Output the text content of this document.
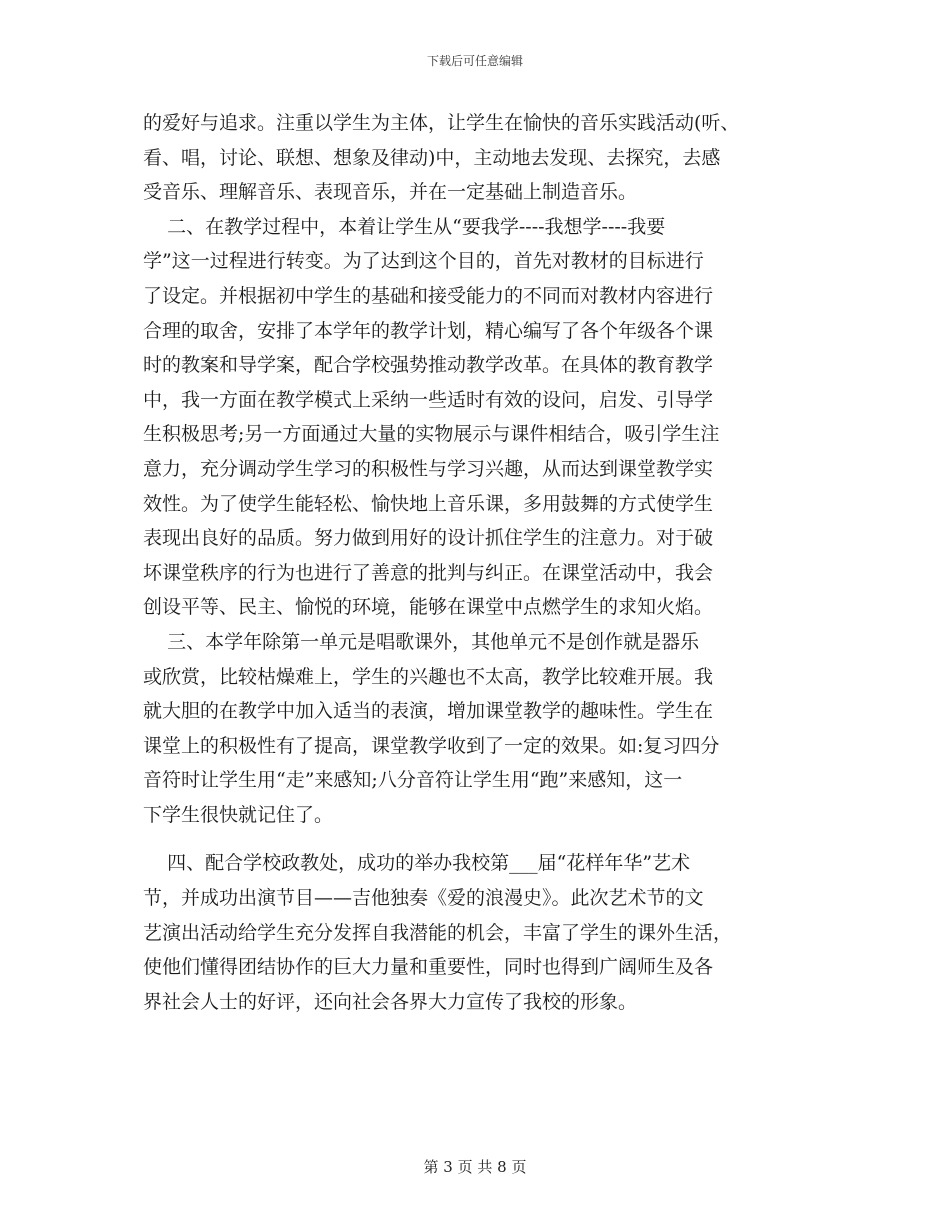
下载后可任意编辑
的爱好与追求。注重以学生为主体，让学生在愉快的音乐实践活动(听、
看、唱，讨论、联想、想象及律动)中，主动地去发现、去探究，去感
受音乐、理解音乐、表现音乐，并在一定基础上制造音乐。
二、在教学过程中，本着让学生从“要我学----我想学----我要
学”这一过程进行转变。为了达到这个目的，首先对教材的目标进行
了设定。并根据初中学生的基础和接受能力的不同而对教材内容进行
合理的取舍，安排了本学年的教学计划，精心编写了各个年级各个课
时的教案和导学案，配合学校强势推动教学改革。在具体的教育教学
中，我一方面在教学模式上采纳一些适时有效的设问，启发、引导学
生积极思考;另一方面通过大量的实物展示与课件相结合，吸引学生注
意力，充分调动学生学习的积极性与学习兴趣，从而达到课堂教学实
效性。为了使学生能轻松、愉快地上音乐课，多用鼓舞的方式使学生
表现出良好的品质。努力做到用好的设计抓住学生的注意力。对于破
坏课堂秩序的行为也进行了善意的批判与纠正。在课堂活动中，我会
创设平等、民主、愉悦的环境，能够在课堂中点燃学生的求知火焰。
三、本学年除第一单元是唱歌课外，其他单元不是创作就是器乐
或欣赏，比较枯燥难上，学生的兴趣也不太高，教学比较难开展。我
就大胆的在教学中加入适当的表演，增加课堂教学的趣味性。学生在
课堂上的积极性有了提高，课堂教学收到了一定的效果。如:复习四分
音符时让学生用“走”来感知;八分音符让学生用“跑”来感知，这一
下学生很快就记住了。
四、配合学校政教处，成功的举办我校第___届“花样年华”艺术
节，并成功出演节目——吉他独奏《爱的浪漫史》。此次艺术节的文
艺演出活动给学生充分发挥自我潜能的机会，丰富了学生的课外生活，
使他们懂得团结协作的巨大力量和重要性，同时也得到广阔师生及各
界社会人士的好评，还向社会各界大力宣传了我校的形象。
第 3 页 共 8 页
